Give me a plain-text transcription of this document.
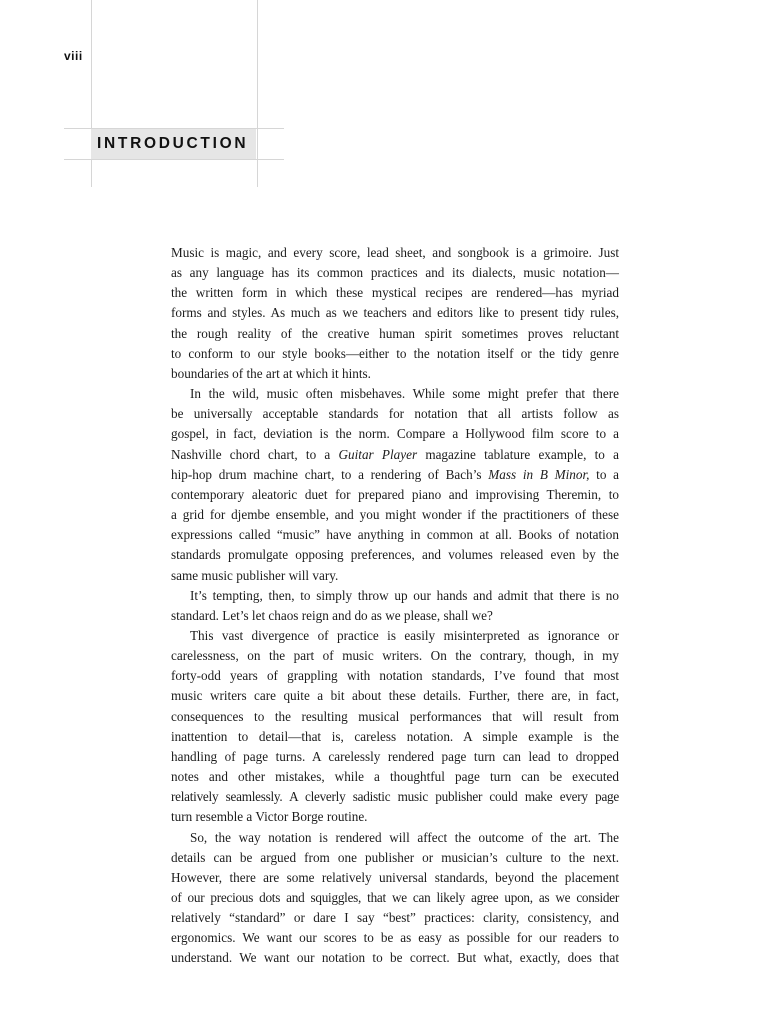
viii
INTRODUCTION
Music is magic, and every score, lead sheet, and songbook is a grimoire. Just
as any language has its common practices and its dialects, music notation—
the written form in which these mystical recipes are rendered—has myriad
forms and styles. As much as we teachers and editors like to present tidy rules,
the rough reality of the creative human spirit sometimes proves reluctant
to conform to our style books—either to the notation itself or the tidy genre
boundaries of the art at which it hints.
In the wild, music often misbehaves. While some might prefer that there
be universally acceptable standards for notation that all artists follow as
gospel, in fact, deviation is the norm. Compare a Hollywood film score to a
Nashville chord chart, to a Guitar Player magazine tablature example, to a
hip-hop drum machine chart, to a rendering of Bach’s Mass in B Minor, to a
contemporary aleatoric duet for prepared piano and improvising Theremin, to
a grid for djembe ensemble, and you might wonder if the practitioners of these
expressions called “music” have anything in common at all. Books of notation
standards promulgate opposing preferences, and volumes released even by the
same music publisher will vary.
It’s tempting, then, to simply throw up our hands and admit that there is no
standard. Let’s let chaos reign and do as we please, shall we?
This vast divergence of practice is easily misinterpreted as ignorance or
carelessness, on the part of music writers. On the contrary, though, in my
forty-odd years of grappling with notation standards, I’ve found that most
music writers care quite a bit about these details. Further, there are, in fact,
consequences to the resulting musical performances that will result from
inattention to detail—that is, careless notation. A simple example is the
handling of page turns. A carelessly rendered page turn can lead to dropped
notes and other mistakes, while a thoughtful page turn can be executed
relatively seamlessly. A cleverly sadistic music publisher could make every page
turn resemble a Victor Borge routine.
So, the way notation is rendered will affect the outcome of the art. The
details can be argued from one publisher or musician’s culture to the next.
However, there are some relatively universal standards, beyond the placement
of our precious dots and squiggles, that we can likely agree upon, as we consider
relatively “standard” or dare I say “best” practices: clarity, consistency, and
ergonomics. We want our scores to be as easy as possible for our readers to
understand. We want our notation to be correct. But what, exactly, does that
